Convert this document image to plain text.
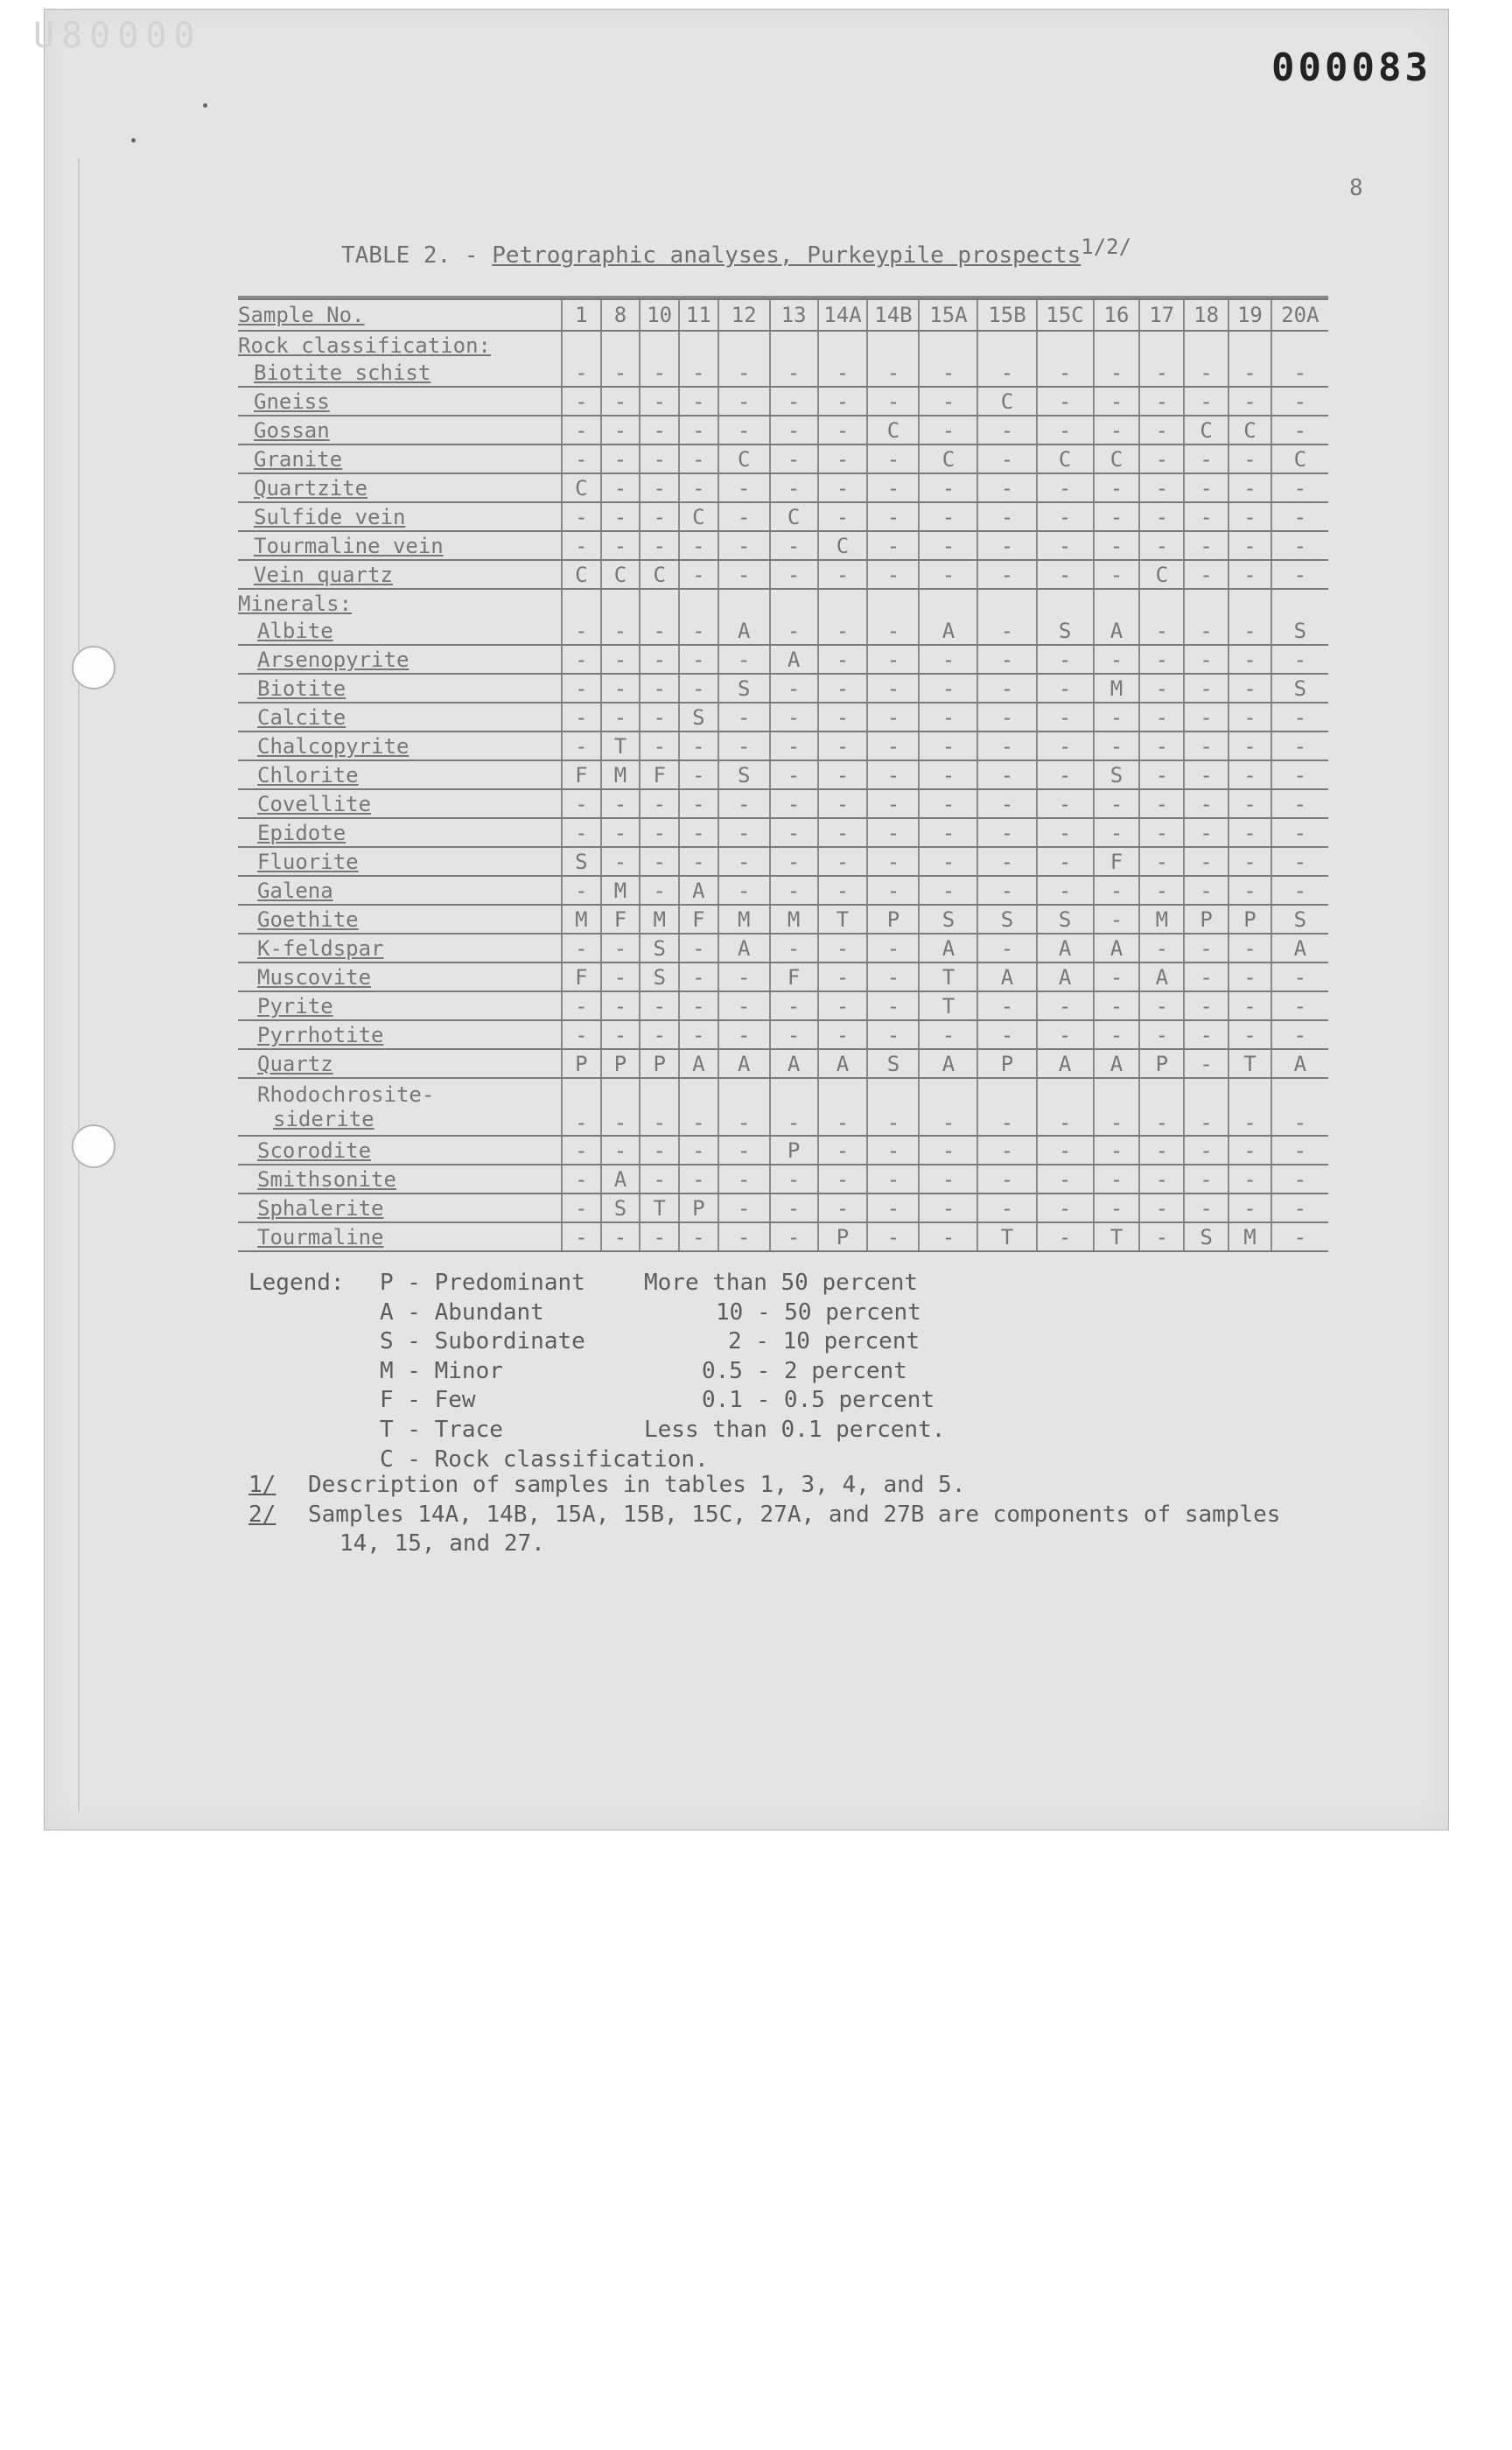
U80000
000083
8
TABLE 2. - Petrographic analyses, Purkeypile prospects$^{1/2/}$

Sample No.	1	8	10	11	12	13	14A	14B	15A	15B	15C	16	17	18	19	20A
Rock classification:																
Biotite schist	-	-	-	-	-	-	-	-	-	-	-	-	-	-	-	-
Gneiss	-	-	-	-	-	-	-	-	-	C	-	-	-	-	-	-
Gossan	-	-	-	-	-	-	-	C	-	-	-	-	-	C	C	-
Granite	-	-	-	-	C	-	-	-	C	-	C	C	-	-	-	C
Quartzite	C	-	-	-	-	-	-	-	-	-	-	-	-	-	-	-
Sulfide vein	-	-	-	C	-	C	-	-	-	-	-	-	-	-	-	-
Tourmaline vein	-	-	-	-	-	-	C	-	-	-	-	-	-	-	-	-
Vein quartz	C	C	C	-	-	-	-	-	-	-	-	-	C	-	-	-
Minerals:																
Albite	-	-	-	-	A	-	-	-	A	-	S	A	-	-	-	S
Arsenopyrite	-	-	-	-	-	A	-	-	-	-	-	-	-	-	-	-
Biotite	-	-	-	-	S	-	-	-	-	-	-	M	-	-	-	S
Calcite	-	-	-	S	-	-	-	-	-	-	-	-	-	-	-	-
Chalcopyrite	-	T	-	-	-	-	-	-	-	-	-	-	-	-	-	-
Chlorite	F	M	F	-	S	-	-	-	-	-	-	S	-	-	-	-
Covellite	-	-	-	-	-	-	-	-	-	-	-	-	-	-	-	-
Epidote	-	-	-	-	-	-	-	-	-	-	-	-	-	-	-	-
Fluorite	S	-	-	-	-	-	-	-	-	-	-	F	-	-	-	-
Galena	-	M	-	A	-	-	-	-	-	-	-	-	-	-	-	-
Goethite	M	F	M	F	M	M	T	P	S	S	S	-	M	P	P	S
K-feldspar	-	-	S	-	A	-	-	-	A	-	A	A	-	-	-	A
Muscovite	F	-	S	-	-	F	-	-	T	A	A	-	A	-	-	-
Pyrite	-	-	-	-	-	-	-	-	T	-	-	-	-	-	-	-
Pyrrhotite	-	-	-	-	-	-	-	-	-	-	-	-	-	-	-	-
Quartz	P	P	P	A	A	A	A	S	A	P	A	A	P	-	T	A

Rhodochrosite-
siderite	-	-	-	-	-	-	-	-	-	-	-	-	-	-	-	-
Scorodite	-	-	-	-	-	P	-	-	-	-	-	-	-	-	-	-
Smithsonite	-	A	-	-	-	-	-	-	-	-	-	-	-	-	-	-
Sphalerite	-	S	T	P	-	-	-	-	-	-	-	-	-	-	-	-
Tourmaline	-	-	-	-	-	-	P	-	-	T	-	T	-	S	M	-
Legend: P - Predominant	More than 50 percent
A - Abundant	10 - 50 percent
S - Subordinate	2 - 10 percent
M - Minor	0.5 - 2 percent
F - Few	0.1 - 0.5 percent
T - Trace	Less than 0.1 percent.
C - Rock classification.
1/ Description of samples in tables 1, 3, 4, and 5.
2/ Samples 14A, 14B, 15A, 15B, 15C, 27A, and 27B are components of samples
14, 15, and 27.
